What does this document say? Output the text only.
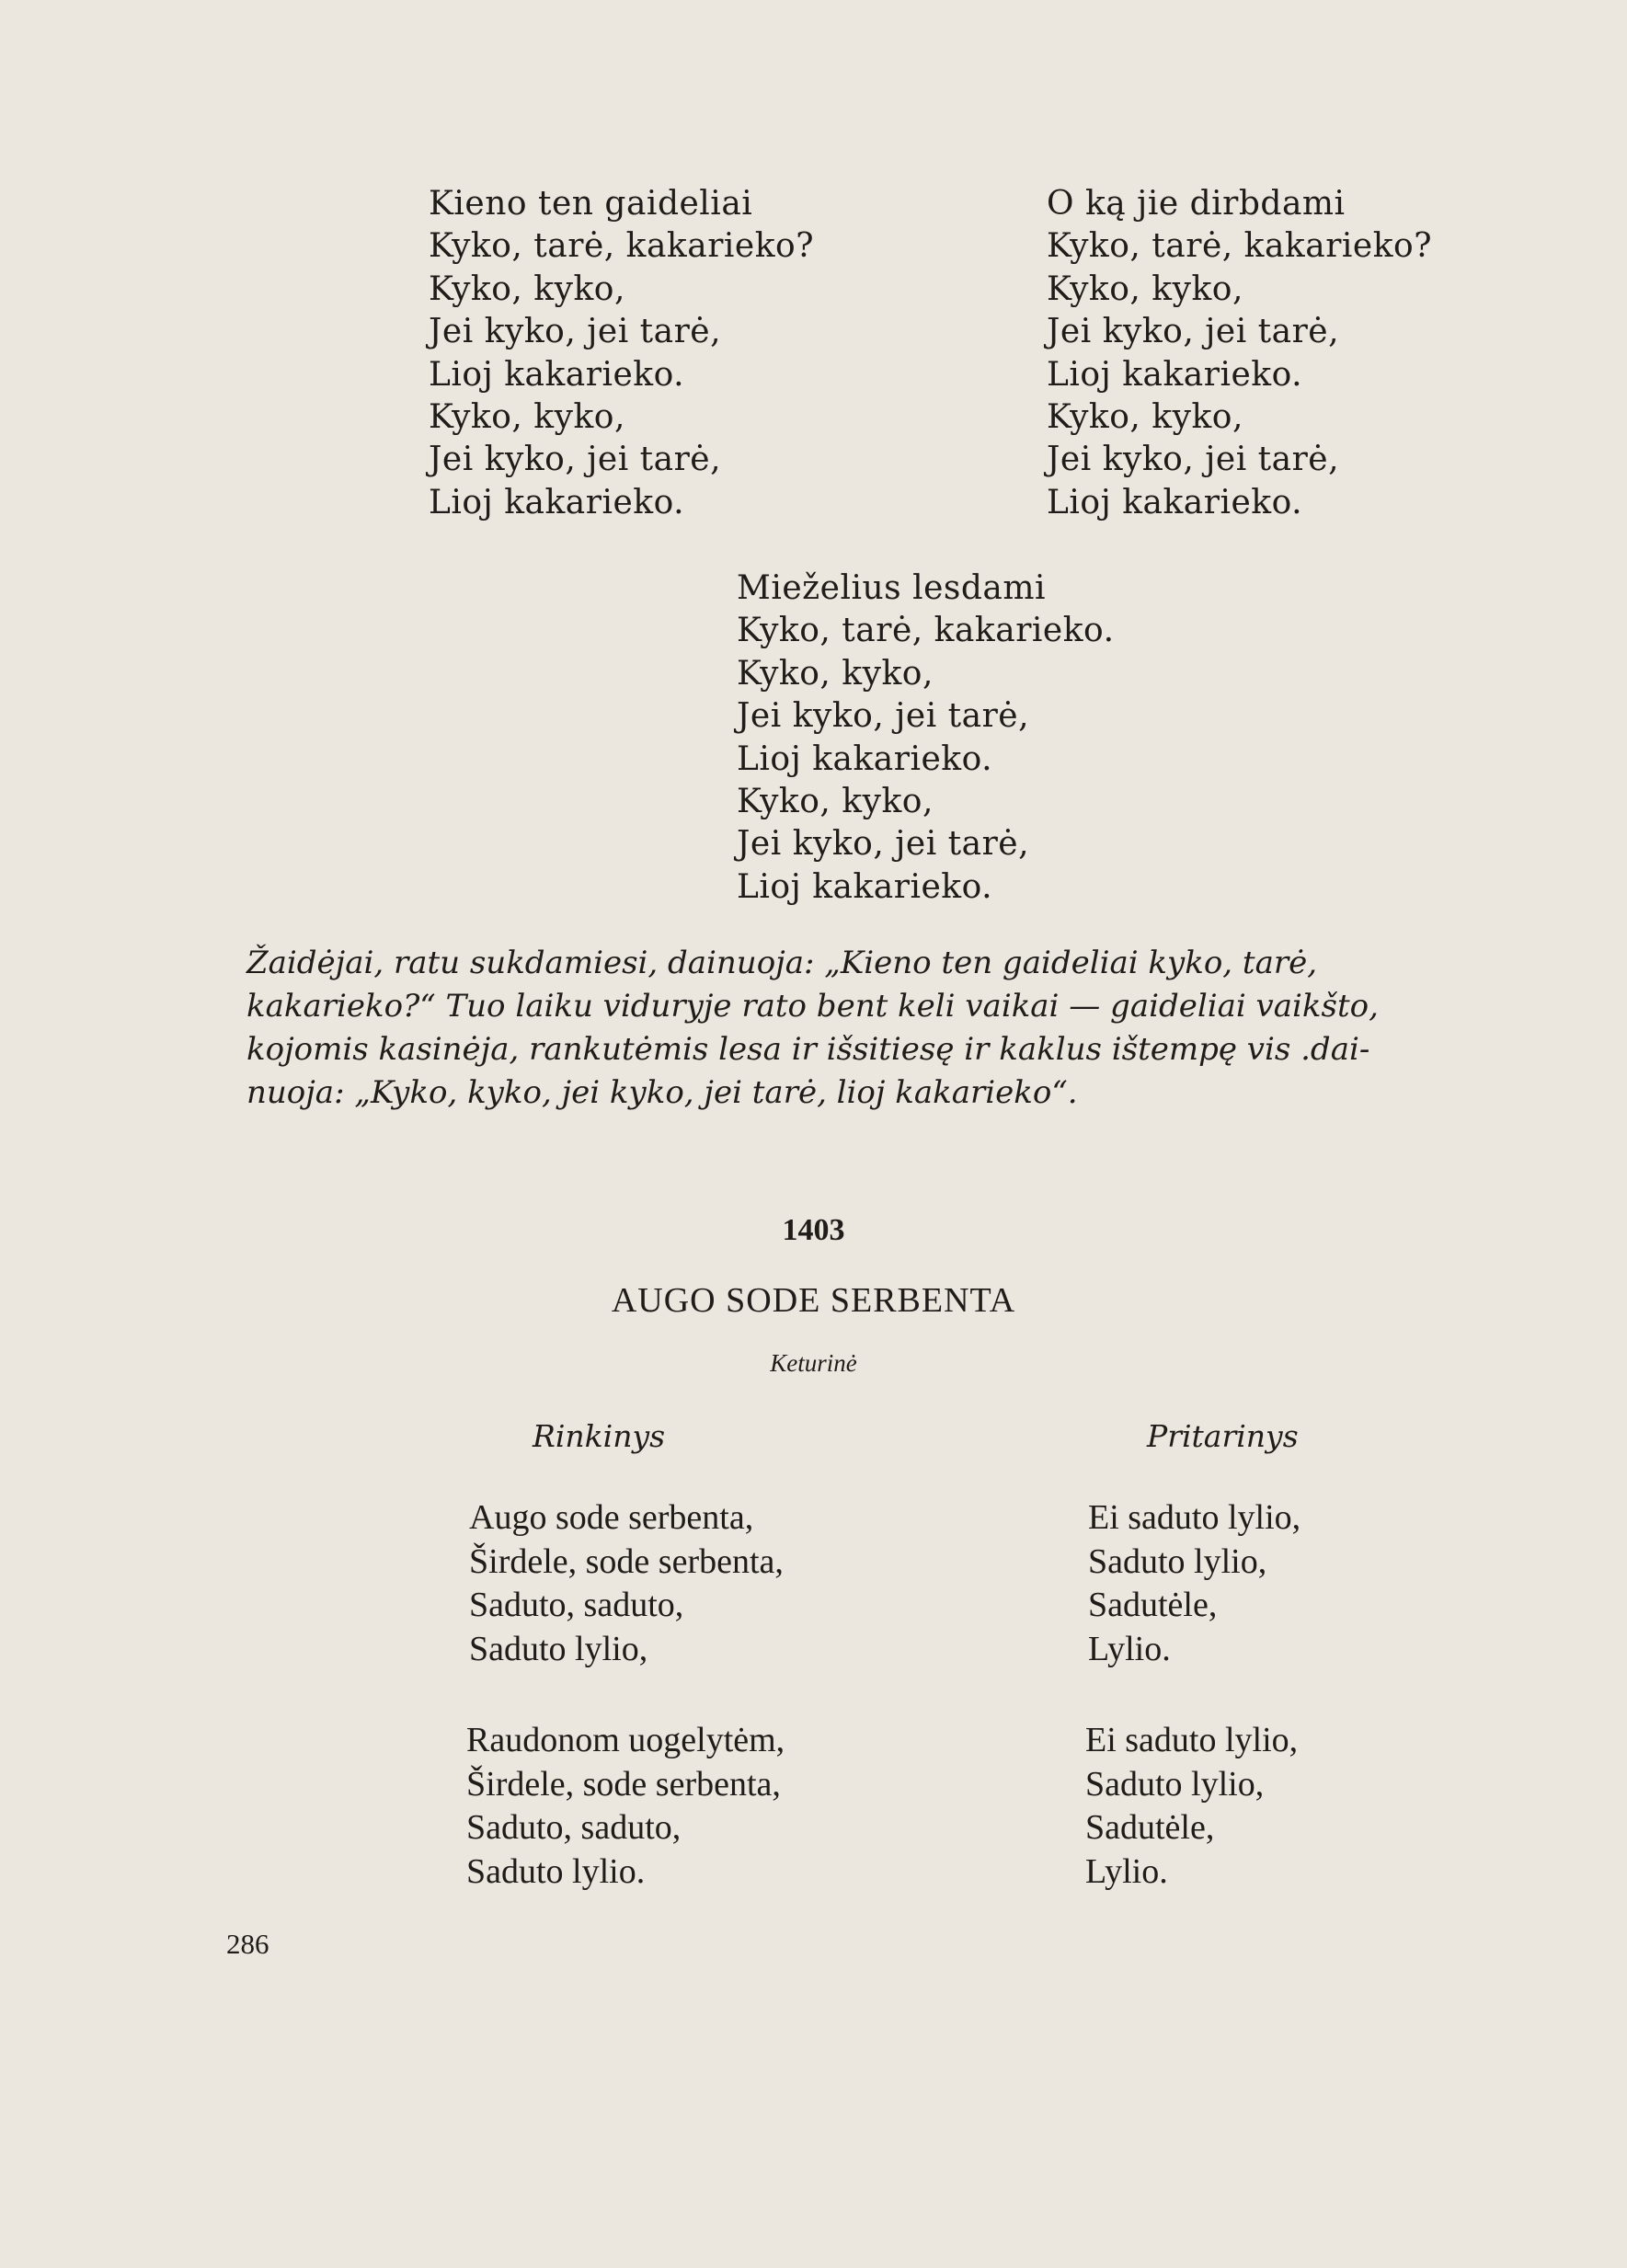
Kieno ten gaideliai
Kyko, tarė, kakarieko?
Kyko, kyko,
Jei kyko, jei tarė,
Lioj kakarieko.
Kyko, kyko,
Jei kyko, jei tarė,
Lioj kakarieko.
O ką jie dirbdami
Kyko, tarė, kakarieko?
Kyko, kyko,
Jei kyko, jei tarė,
Lioj kakarieko.
Kyko, kyko,
Jei kyko, jei tarė,
Lioj kakarieko.
Mieželius lesdami
Kyko, tarė, kakarieko.
Kyko, kyko,
Jei kyko, jei tarė,
Lioj kakarieko.
Kyko, kyko,
Jei kyko, jei tarė,
Lioj kakarieko.
Žaidėjai, ratu sukdamiesi, dainuoja: „Kieno ten gaideliai kyko, tarė,
kakarieko?“ Tuo laiku viduryje rato bent keli vaikai — gaideliai vaikšto,
kojomis kasinėja, rankutėmis lesa ir išsitiesę ir kaklus ištempę vis .dai-
nuoja: „Kyko, kyko, jei kyko, jei tarė, lioj kakarieko“.
1403
AUGO SODE SERBENTA
Keturinė
Rinkinys	Pritarinys
Augo sode serbenta,
Širdele, sode serbenta,
Saduto, saduto,
Saduto lylio,
Ei saduto lylio,
Saduto lylio,
Sadutėle,
Lylio.
Raudonom uogelytėm,
Širdele, sode serbenta,
Saduto, saduto,
Saduto lylio.
Ei saduto lylio,
Saduto lylio,
Sadutėle,
Lylio.
286
